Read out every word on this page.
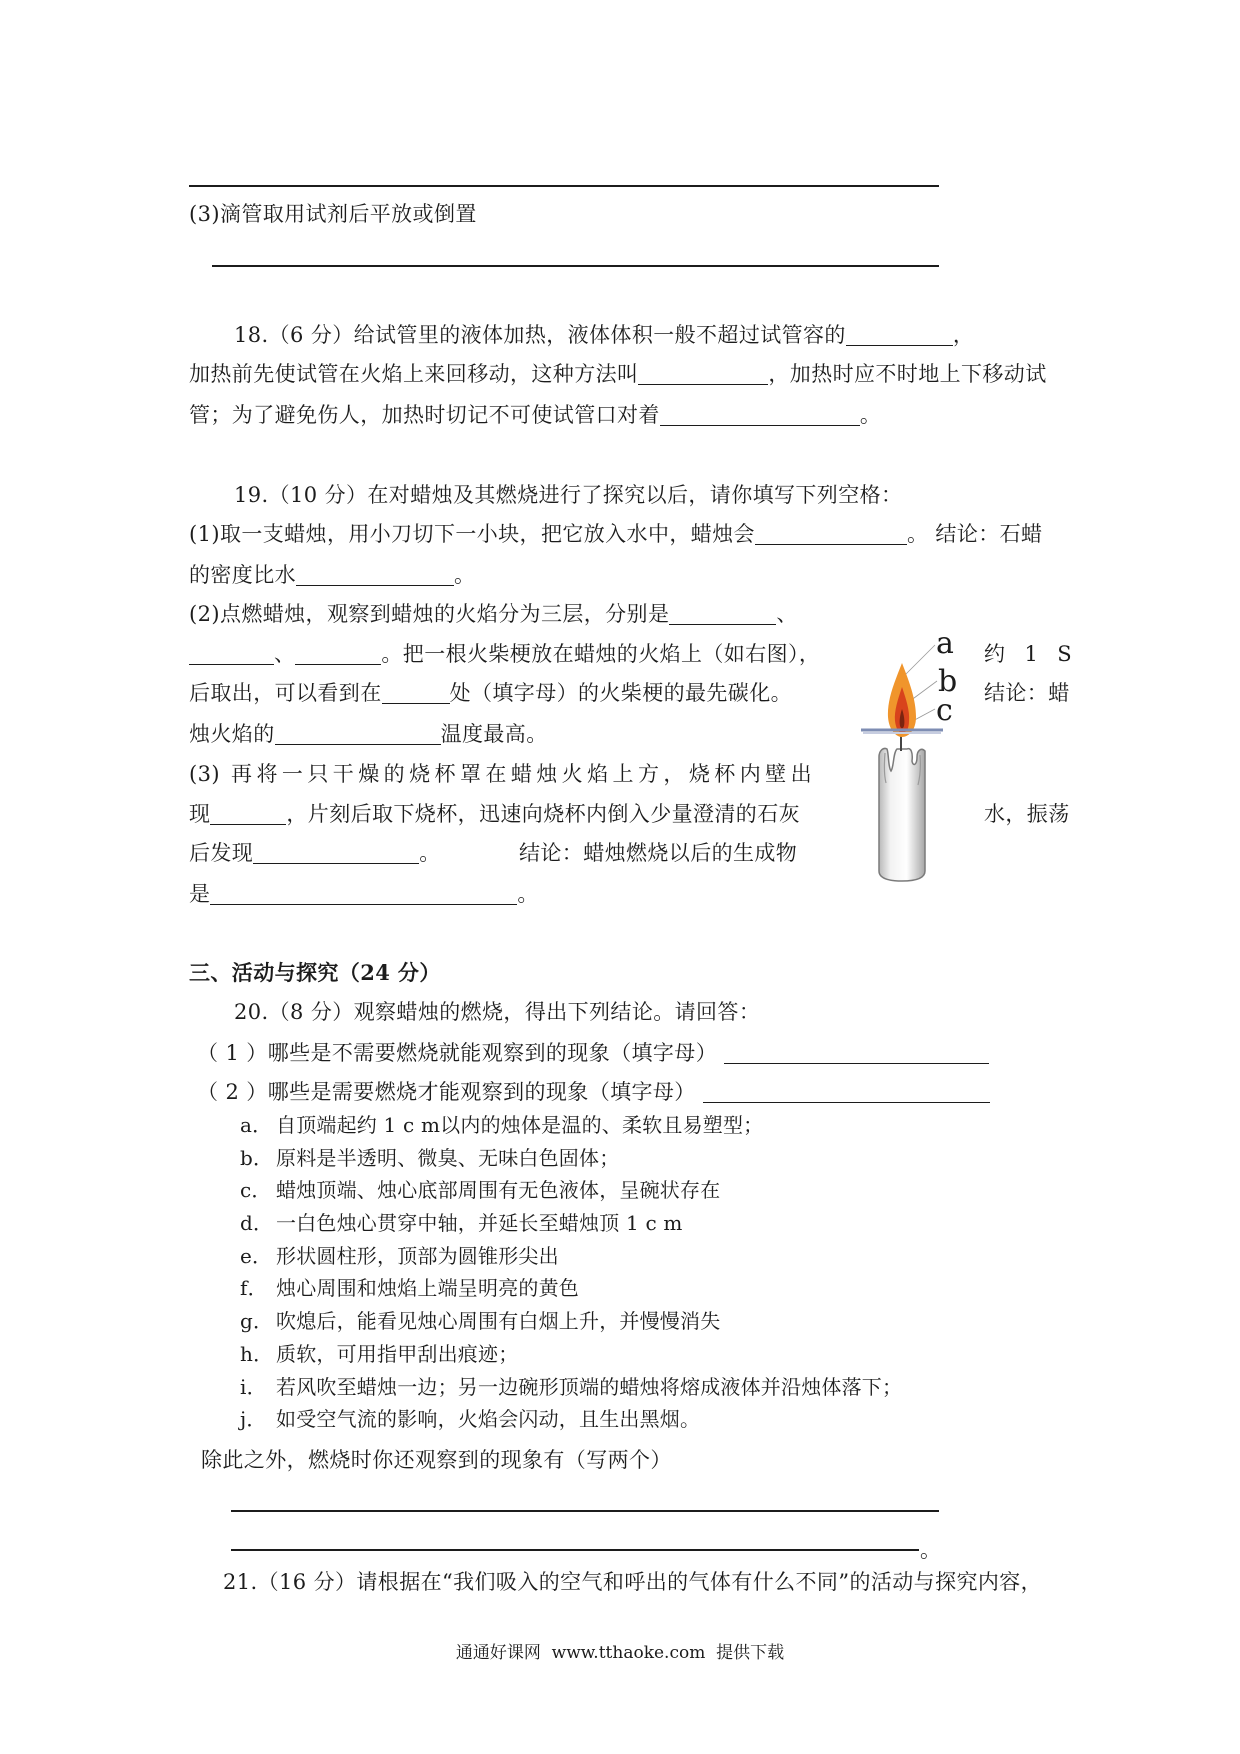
(3)滴管取用试剂后平放或倒置
18.（6 分）给试管里的液体加热，液体体积一般不超过试管容的	，
加热前先使试管在火焰上来回移动，这种方法叫	，加热时应不时地上下移动试
管；为了避免伤人，加热时切记不可使试管口对着	。
19.（10 分）在对蜡烛及其燃烧进行了探究以后，请你填写下列空格：
(1)取一支蜡烛，用小刀切下一小块，把它放入水中，蜡烛会	。 结论：石蜡
的密度比水	。
(2)点燃蜡烛，观察到蜡烛的火焰分为三层，分别是	、
、	。把一根火柴梗放在蜡烛的火焰上（如右图），	约 1 S
后取出，可以看到在	处（填字母）的火柴梗的最先碳化。	结论：蜡
烛火焰的	温度最高。
(3) 再将一只干燥的烧杯罩在蜡烛火焰上方，烧杯内壁出
现	，片刻后取下烧杯，迅速向烧杯内倒入少量澄清的石灰	水，振荡
后发现	。	结论：蜡烛燃烧以后的生成物
是	。
a
b
c
三、活动与探究（24 分）
20.（8 分）观察蜡烛的燃烧，得出下列结论。请回答：
（ 1 ）哪些是不需要燃烧就能观察到的现象（填字母）
（ 2 ）哪些是需要燃烧才能观察到的现象（填字母）
a． 自顶端起约 1 c m以内的烛体是温的、柔软且易塑型；
b． 原料是半透明、微臭、无味白色固体；
c． 蜡烛顶端、烛心底部周围有无色液体，呈碗状存在
d． 一白色烛心贯穿中轴，并延长至蜡烛顶 1 c m
e． 形状圆柱形，顶部为圆锥形尖出
f． 烛心周围和烛焰上端呈明亮的黄色
g． 吹熄后，能看见烛心周围有白烟上升，并慢慢消失
h． 质软，可用指甲刮出痕迹；
i． 若风吹至蜡烛一边；另一边碗形顶端的蜡烛将熔成液体并沿烛体落下；
j． 如受空气流的影响，火焰会闪动，且生出黑烟。
除此之外，燃烧时你还观察到的现象有（写两个）
。
21.（16 分）请根据在“我们吸入的空气和呼出的气体有什么不同”的活动与探究内容，
通通好课网  www.tthaoke.com  提供下载
